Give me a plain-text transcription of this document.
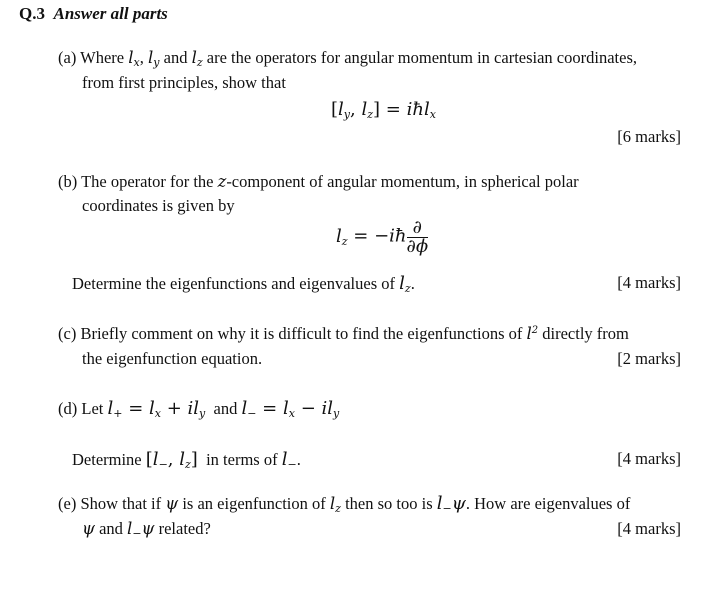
Q.3 Answer all parts
(a) Where $l_x$, $l_y$ and $l_z$ are the operators for angular momentum in cartesian coordinates,
from first principles, show that
[$l_y$, $l_z$] = iħl$_x$
[6 marks]
(b) The operator for the z-component of angular momentum, in spherical polar
coordinates is given by
$l_z$ = −iħ $\frac{\partial}{\partial\phi}$
Determine the eigenfunctions and eigenvalues of $l_z$.	[4 marks]
(c) Briefly comment on why it is difficult to find the eigenfunctions of $l^2$ directly from
the eigenfunction equation.	[2 marks]
(d) Let $l_+ = l_x + il_y$ and $l_- = l_x - il_y$
Determine [$l_-$, $l_z$] in terms of $l_-$.	[4 marks]
(e) Show that if ψ is an eigenfunction of $l_z$ then so too is $l_-\psi$. How are eigenvalues of
ψ and $l_-\psi$ related?	[4 marks]
